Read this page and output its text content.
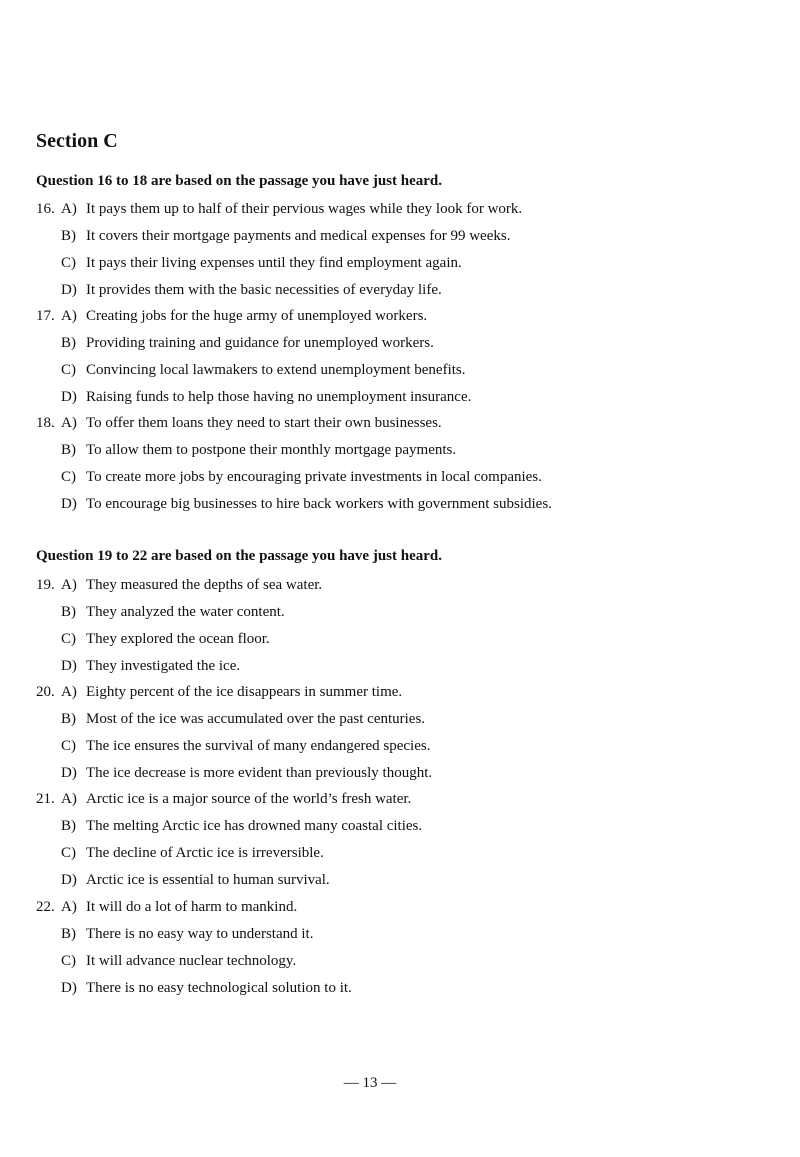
Section C
Question 16 to 18 are based on the passage you have just heard.
16. A) It pays them up to half of their pervious wages while they look for work.
B) It covers their mortgage payments and medical expenses for 99 weeks.
C) It pays their living expenses until they find employment again.
D) It provides them with the basic necessities of everyday life.
17. A) Creating jobs for the huge army of unemployed workers.
B) Providing training and guidance for unemployed workers.
C) Convincing local lawmakers to extend unemployment benefits.
D) Raising funds to help those having no unemployment insurance.
18. A) To offer them loans they need to start their own businesses.
B) To allow them to postpone their monthly mortgage payments.
C) To create more jobs by encouraging private investments in local companies.
D) To encourage big businesses to hire back workers with government subsidies.
Question 19 to 22 are based on the passage you have just heard.
19. A) They measured the depths of sea water.
B) They analyzed the water content.
C) They explored the ocean floor.
D) They investigated the ice.
20. A) Eighty percent of the ice disappears in summer time.
B) Most of the ice was accumulated over the past centuries.
C) The ice ensures the survival of many endangered species.
D) The ice decrease is more evident than previously thought.
21. A) Arctic ice is a major source of the world’s fresh water.
B) The melting Arctic ice has drowned many coastal cities.
C) The decline of Arctic ice is irreversible.
D) Arctic ice is essential to human survival.
22. A) It will do a lot of harm to mankind.
B) There is no easy way to understand it.
C) It will advance nuclear technology.
D) There is no easy technological solution to it.
— 13 —
